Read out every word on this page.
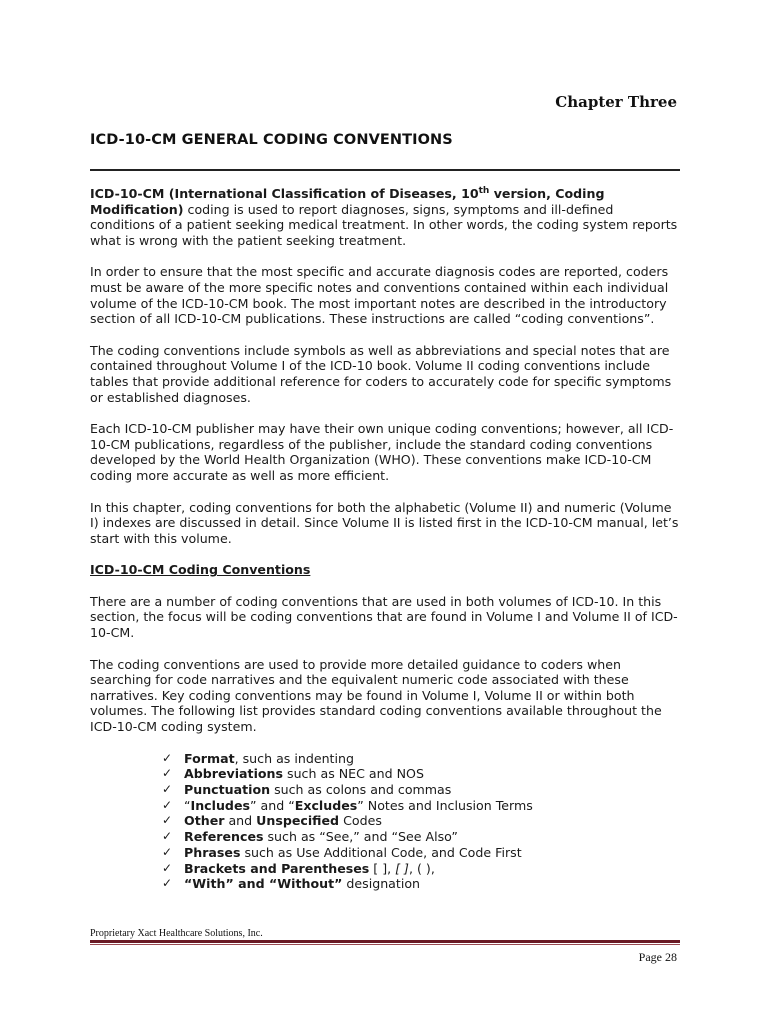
Chapter Three
ICD-10-CM GENERAL CODING CONVENTIONS

ICD-10-CM (International Classification of Diseases, 10th version, Coding Modification) coding is used to report diagnoses, signs, symptoms and ill-defined conditions of a patient seeking medical treatment. In other words, the coding system reports what is wrong with the patient seeking treatment.

In order to ensure that the most specific and accurate diagnosis codes are reported, coders must be aware of the more specific notes and conventions contained within each individual volume of the ICD-10-CM book. The most important notes are described in the introductory section of all ICD-10-CM publications. These instructions are called “coding conventions”.

The coding conventions include symbols as well as abbreviations and special notes that are contained throughout Volume I of the ICD-10 book. Volume II coding conventions include tables that provide additional reference for coders to accurately code for specific symptoms or established diagnoses.

Each ICD-10-CM publisher may have their own unique coding conventions; however, all ICD-10-CM publications, regardless of the publisher, include the standard coding conventions developed by the World Health Organization (WHO). These conventions make ICD-10-CM coding more accurate as well as more efficient.

In this chapter, coding conventions for both the alphabetic (Volume II) and numeric (Volume I) indexes are discussed in detail. Since Volume II is listed first in the ICD-10-CM manual, let’s start with this volume.

ICD-10-CM Coding Conventions

There are a number of coding conventions that are used in both volumes of ICD-10. In this section, the focus will be coding conventions that are found in Volume I and Volume II of ICD-10-CM.

The coding conventions are used to provide more detailed guidance to coders when searching for code narratives and the equivalent numeric code associated with these narratives. Key coding conventions may be found in Volume I, Volume II or within both volumes. The following list provides standard coding conventions available throughout the ICD-10-CM coding system.

✓ Format, such as indenting
✓ Abbreviations such as NEC and NOS
✓ Punctuation such as colons and commas
✓ “Includes” and “Excludes” Notes and Inclusion Terms
✓ Other and Unspecified Codes
✓ References such as “See,” and “See Also”
✓ Phrases such as Use Additional Code, and Code First
✓ Brackets and Parentheses [ ], [ ], ( ),
✓ “With” and “Without” designation
Proprietary Xact Healthcare Solutions, Inc.
Page 28
